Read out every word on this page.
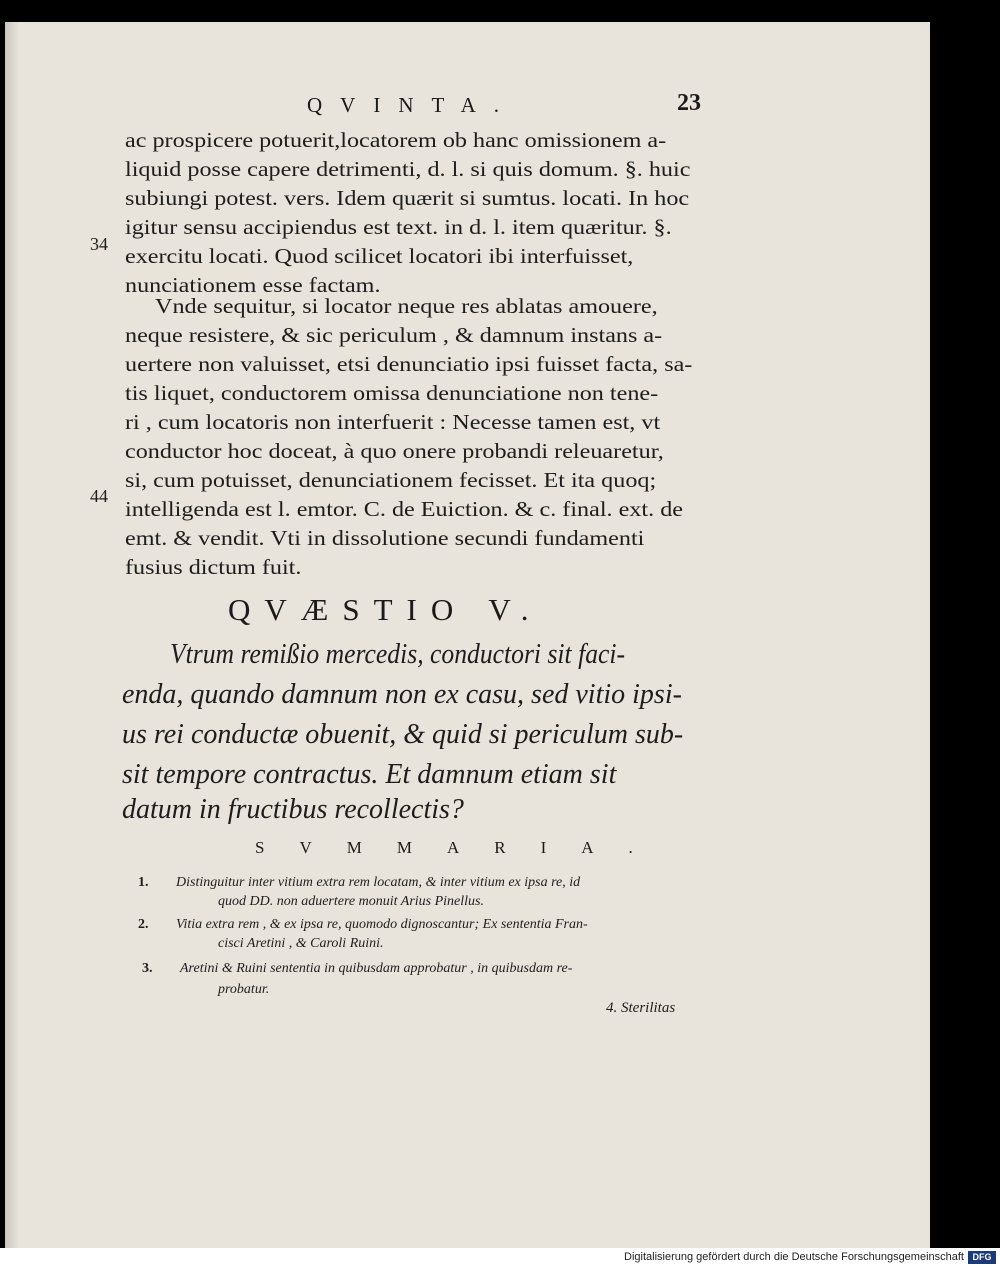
QVINTA.	23
ac prospicere potuerit,locatorem ob hanc omissionem a-
liquid posse capere detrimenti, d. l. si quis domum. §. huic
subiungi potest. vers. Idem quærit si sumtus. locati. In hoc
igitur sensu accipiendus est text. in d. l. item quæritur. §.
exercitu locati. Quod scilicet locatori ibi interfuisset,
nunciationem esse factam.
Vnde sequitur, si locator neque res ablatas amouere,
neque resistere, & sic periculum , & damnum instans a-
uertere non valuisset, etsi denunciatio ipsi fuisset facta, sa-
tis liquet, conductorem omissa denunciatione non tene-
ri , cum locatoris non interfuerit : Necesse tamen est, vt
conductor hoc doceat, à quo onere probandi releuaretur,
si, cum potuisset, denunciationem fecisset. Et ita quoq;
intelligenda est l. emtor. C. de Euiction. & c. final. ext. de
emt. & vendit. Vti in dissolutione secundi fundamenti
fusius dictum fuit.
34
44
QVÆSTIO V.
Vtrum remißio mercedis, conductori sit faci-
enda, quando damnum non ex casu, sed vitio ipsi-
us rei conductæ obuenit, & quid si periculum sub-
sit tempore contractus. Et damnum etiam sit
datum in fructibus recollectis?
SVMMARIA.
1. Distinguitur inter vitium extra rem locatam, & inter vitium ex ipsa re, id
quod DD. non aduertere monuit Arius Pinellus.
2. Vitia extra rem , & ex ipsa re, quomodo dignoscantur; Ex sententia Fran-
cisci Aretini , & Caroli Ruini.
3. Aretini & Ruini sententia in quibusdam approbatur , in quibusdam re-
probatur.
4. Sterilitas
Digitalisierung gefördert durch die Deutsche Forschungsgemeinschaft DFG
